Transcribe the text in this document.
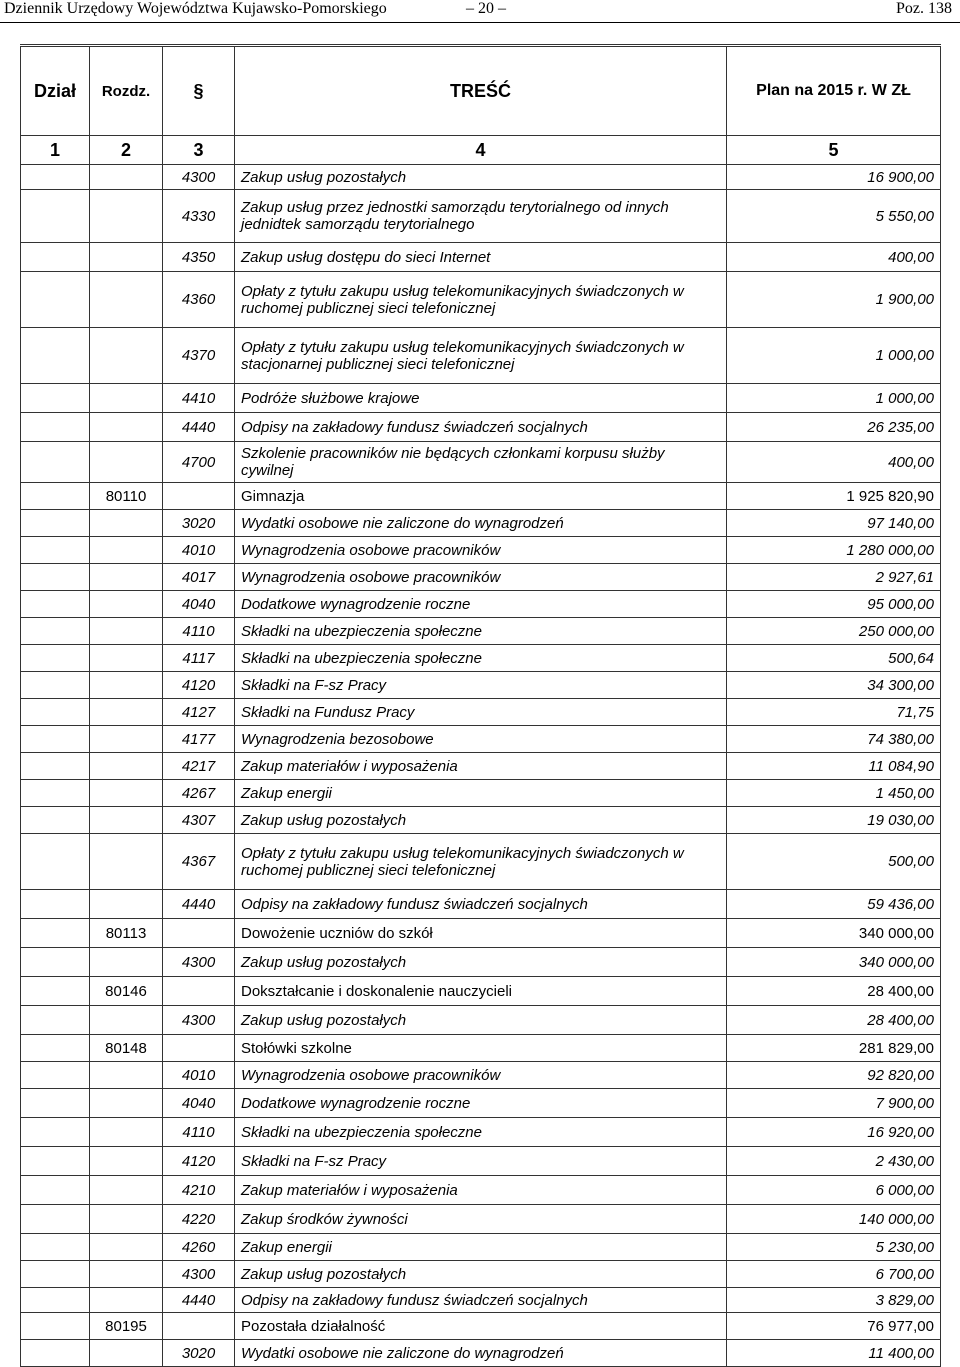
Dziennik Urzędowy Województwa Kujawsko-Pomorskiego	– 20 –	Poz. 138
Dział	Rozdz.	§	TREŚĆ	Plan na 2015 r. W ZŁ
1	2	3	4	5
		4300	Zakup usług pozostałych	16 900,00
		4330	Zakup usług przez jednostki samorządu terytorialnego od innych jednidtek samorządu terytorialnego	5 550,00
		4350	Zakup usług dostępu do sieci Internet	400,00
		4360	Opłaty z tytułu zakupu usług telekomunikacyjnych świadczonych w ruchomej publicznej sieci telefonicznej	1 900,00
		4370	Opłaty z tytułu zakupu usług telekomunikacyjnych świadczonych w stacjonarnej publicznej sieci telefonicznej	1 000,00
		4410	Podróże służbowe krajowe	1 000,00
		4440	Odpisy na zakładowy fundusz świadczeń socjalnych	26 235,00
		4700	Szkolenie pracowników nie będących członkami korpusu służby cywilnej	400,00
	80110		Gimnazja	1 925 820,90
		3020	Wydatki osobowe nie zaliczone do wynagrodzeń	97 140,00
		4010	Wynagrodzenia osobowe pracowników	1 280 000,00
		4017	Wynagrodzenia osobowe pracowników	2 927,61
		4040	Dodatkowe wynagrodzenie roczne	95 000,00
		4110	Składki na ubezpieczenia społeczne	250 000,00
		4117	Składki na ubezpieczenia społeczne	500,64
		4120	Składki na F-sz Pracy	34 300,00
		4127	Składki na Fundusz Pracy	71,75
		4177	Wynagrodzenia bezosobowe	74 380,00
		4217	Zakup materiałów i wyposażenia	11 084,90
		4267	Zakup energii	1 450,00
		4307	Zakup usług pozostałych	19 030,00
		4367	Opłaty z tytułu zakupu usług telekomunikacyjnych świadczonych w ruchomej publicznej sieci telefonicznej	500,00
		4440	Odpisy na zakładowy fundusz świadczeń socjalnych	59 436,00
	80113		Dowożenie uczniów do szkół	340 000,00
		4300	Zakup usług pozostałych	340 000,00
	80146		Dokształcanie i doskonalenie nauczycieli	28 400,00
		4300	Zakup usług pozostałych	28 400,00
	80148		Stołówki szkolne	281 829,00
		4010	Wynagrodzenia osobowe pracowników	92 820,00
		4040	Dodatkowe wynagrodzenie roczne	7 900,00
		4110	Składki na ubezpieczenia społeczne	16 920,00
		4120	Składki na F-sz Pracy	2 430,00
		4210	Zakup materiałów i wyposażenia	6 000,00
		4220	Zakup środków żywności	140 000,00
		4260	Zakup energii	5 230,00
		4300	Zakup usług pozostałych	6 700,00
		4440	Odpisy na zakładowy fundusz świadczeń socjalnych	3 829,00
	80195		Pozostała działalność	76 977,00
		3020	Wydatki osobowe nie zaliczone do wynagrodzeń	11 400,00
